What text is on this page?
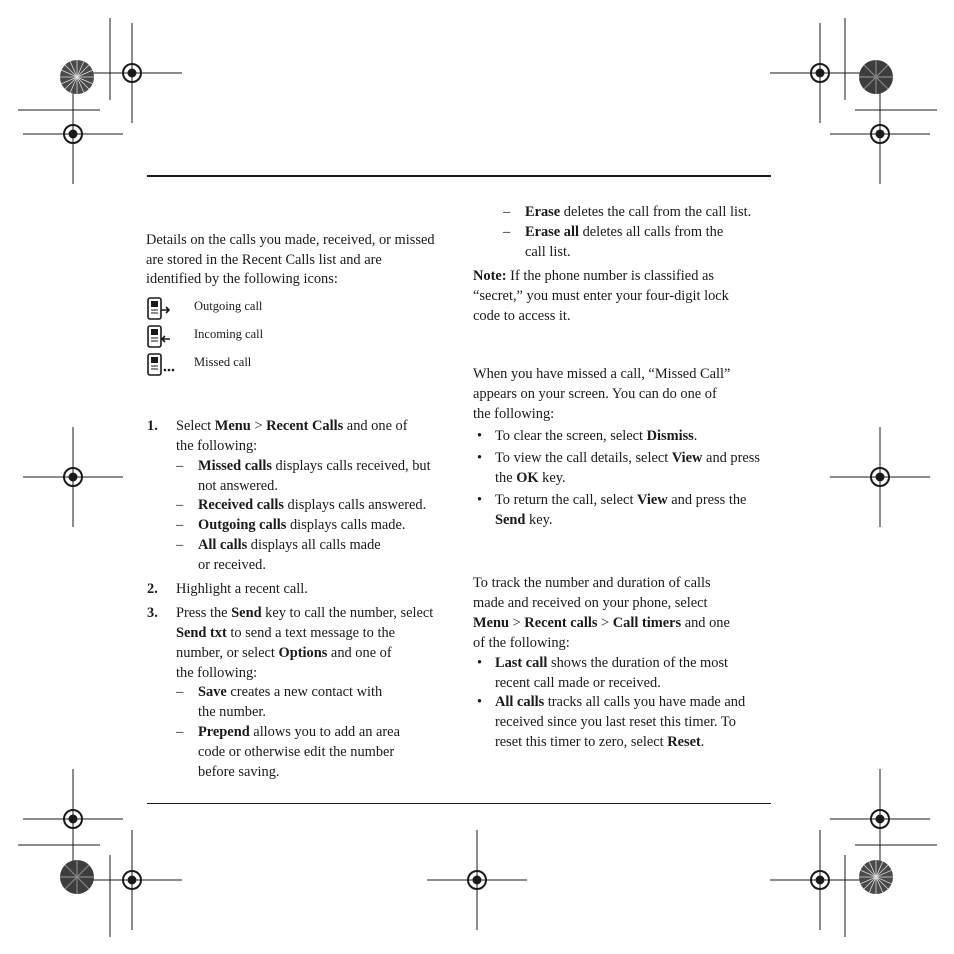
Details on the calls you made, received, or missed
are stored in the Recent Calls list and are
identified by the following icons:
Outgoing call
Incoming call
Missed call
1. Select Menu > Recent Calls and one of
the following:
– Missed calls displays calls received, but
not answered.
– Received calls displays calls answered.
– Outgoing calls displays calls made.
– All calls displays all calls made
or received.
2. Highlight a recent call.
3. Press the Send key to call the number, select
Send txt to send a text message to the
number, or select Options and one of
the following:
– Save creates a new contact with
the number.
– Prepend allows you to add an area
code or otherwise edit the number
before saving.
– Erase deletes the call from the call list.
– Erase all deletes all calls from the
call list.
Note: If the phone number is classified as
“secret,” you must enter your four-digit lock
code to access it.
When you have missed a call, “Missed Call”
appears on your screen. You can do one of
the following:
• To clear the screen, select Dismiss.
• To view the call details, select View and press
the OK key.
• To return the call, select View and press the
Send key.
To track the number and duration of calls
made and received on your phone, select
Menu > Recent calls > Call timers and one
of the following:
• Last call shows the duration of the most
recent call made or received.
• All calls tracks all calls you have made and
received since you last reset this timer. To
reset this timer to zero, select Reset.
